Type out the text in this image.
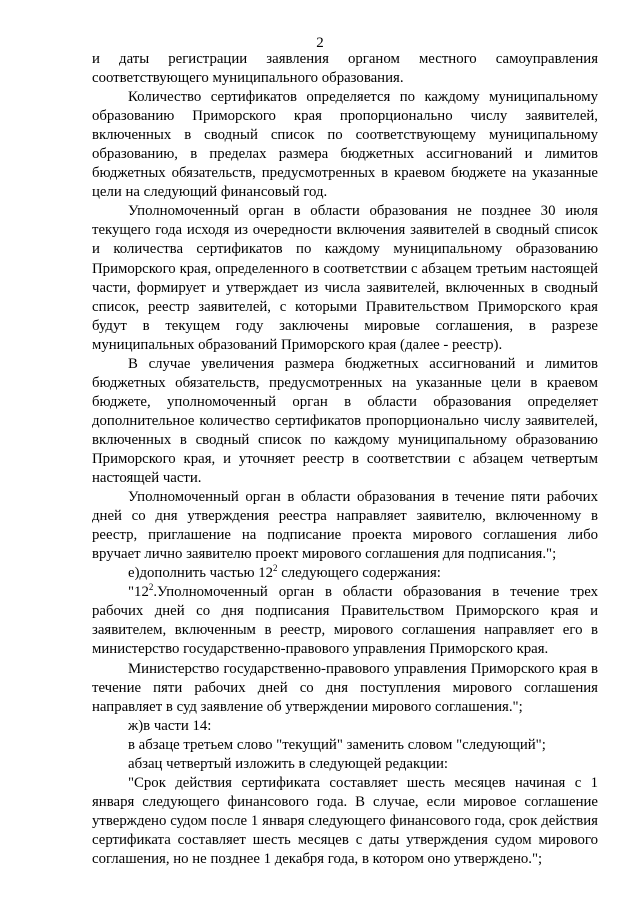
2

и даты регистрации заявления органом местного самоуправления соответствующего муниципального образования.

Количество сертификатов определяется по каждому муниципальному образованию Приморского края пропорционально числу заявителей, включенных в сводный список по соответствующему муниципальному образованию, в пределах размера бюджетных ассигнований и лимитов бюджетных обязательств, предусмотренных в краевом бюджете на указанные цели на следующий финансовый год.

Уполномоченный орган в области образования не позднее 30 июля текущего года исходя из очередности включения заявителей в сводный список и количества сертификатов по каждому муниципальному образованию Приморского края, определенного в соответствии с абзацем третьим настоящей части, формирует и утверждает из числа заявителей, включенных в сводный список, реестр заявителей, с которыми Правительством Приморского края будут в текущем году заключены мировые соглашения, в разрезе муниципальных образований Приморского края (далее - реестр).

В случае увеличения размера бюджетных ассигнований и лимитов бюджетных обязательств, предусмотренных на указанные цели в краевом бюджете, уполномоченный орган в области образования определяет дополнительное количество сертификатов пропорционально числу заявителей, включенных в сводный список по каждому муниципальному образованию Приморского края, и уточняет реестр в соответствии с абзацем четвертым настоящей части.

Уполномоченный орган в области образования в течение пяти рабочих дней со дня утверждения реестра направляет заявителю, включенному в реестр, приглашение на подписание проекта мирового соглашения либо вручает лично заявителю проект мирового соглашения для подписания.";

е)дополнить частью $12^2$ следующего содержания:

"$12^2.Уполномоченный$ орган в области образования в течение трех рабочих дней со дня подписания Правительством Приморского края и заявителем, включенным в реестр, мирового соглашения направляет его в министерство государственно-правового управления Приморского края.

Министерство государственно-правового управления Приморского края в течение пяти рабочих дней со дня поступления мирового соглашения направляет в суд заявление об утверждении мирового соглашения.";

ж)в части 14:

в абзаце третьем слово "текущий" заменить словом "следующий";

абзац четвертый изложить в следующей редакции:

"Срок действия сертификата составляет шесть месяцев начиная с 1 января следующего финансового года. В случае, если мировое соглашение утверждено судом после 1 января следующего финансового года, срок действия сертификата составляет шесть месяцев с даты утверждения судом мирового соглашения, но не позднее 1 декабря года, в котором оно утверждено.";
